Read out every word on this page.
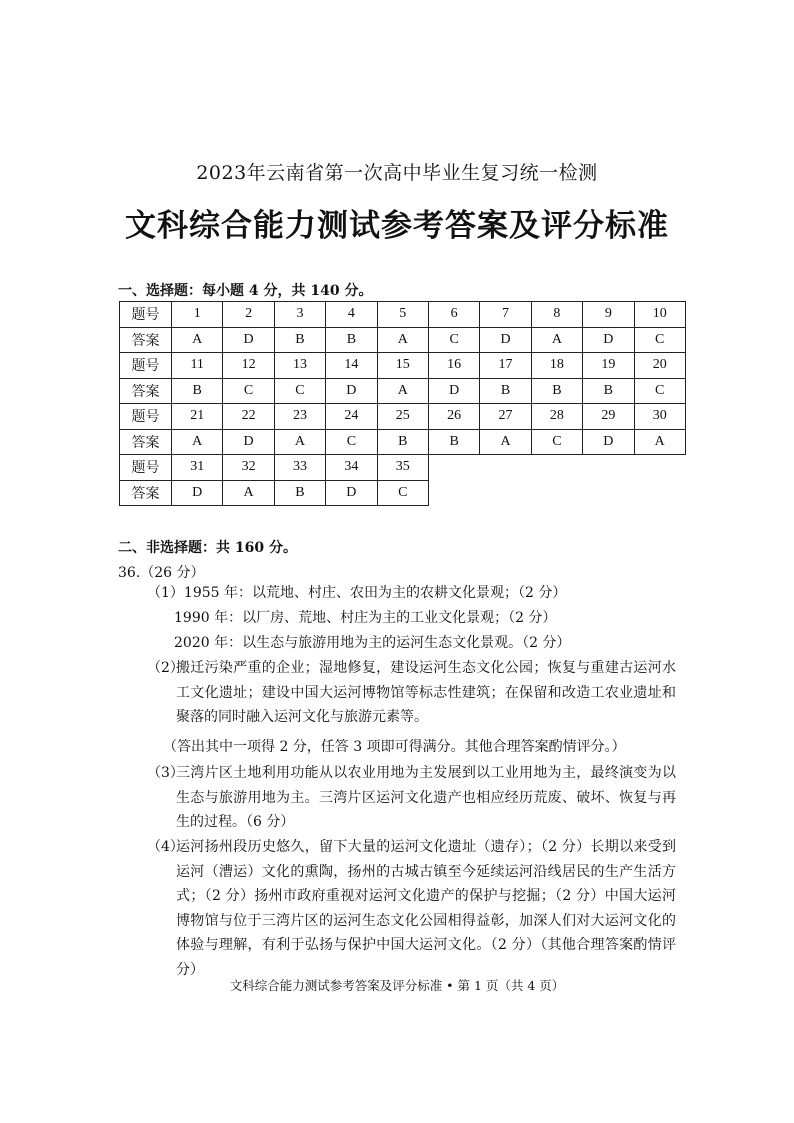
2023年云南省第一次高中毕业生复习统一检测
文科综合能力测试参考答案及评分标准
一、选择题：每小题 4 分，共 140 分。
题号	1	2	3	4	5	6	7	8	9	10
答案	A	D	B	B	A	C	D	A	D	C
题号	11	12	13	14	15	16	17	18	19	20
答案	B	C	C	D	A	D	B	B	B	C
题号	21	22	23	24	25	26	27	28	29	30
答案	A	D	A	C	B	B	A	C	D	A
题号	31	32	33	34	35					
答案	D	A	B	D	C					
二、非选择题：共 160 分。
36.（26 分）
（1）1955 年：以荒地、村庄、农田为主的农耕文化景观；（2 分）
1990 年：以厂房、荒地、村庄为主的工业文化景观；（2 分）
2020 年：以生态与旅游用地为主的运河生态文化景观。（2 分）
（2）
搬迁污染严重的企业；湿地修复，建设运河生态文化公园；恢复与重建古运河水工文化遗址；建设中国大运河博物馆等标志性建筑；在保留和改造工农业遗址和聚落的同时融入运河文化与旅游元素等。
（答出其中一项得 2 分，任答 3 项即可得满分。其他合理答案酌情评分。）
（3）
三湾片区土地利用功能从以农业用地为主发展到以工业用地为主，最终演变为以生态与旅游用地为主。三湾片区运河文化遗产也相应经历荒废、破坏、恢复与再生的过程。（6 分）
（4）
运河扬州段历史悠久，留下大量的运河文化遗址（遗存）；（2 分）长期以来受到运河（漕运）文化的熏陶，扬州的古城古镇至今延续运河沿线居民的生产生活方式；（2 分）扬州市政府重视对运河文化遗产的保护与挖掘；（2 分）中国大运河博物馆与位于三湾片区的运河生态文化公园相得益彰，加深人们对大运河文化的体验与理解，有利于弘扬与保护中国大运河文化。（2 分）（其他合理答案酌情评分）
文科综合能力测试参考答案及评分标准 • 第 1 页（共 4 页）
